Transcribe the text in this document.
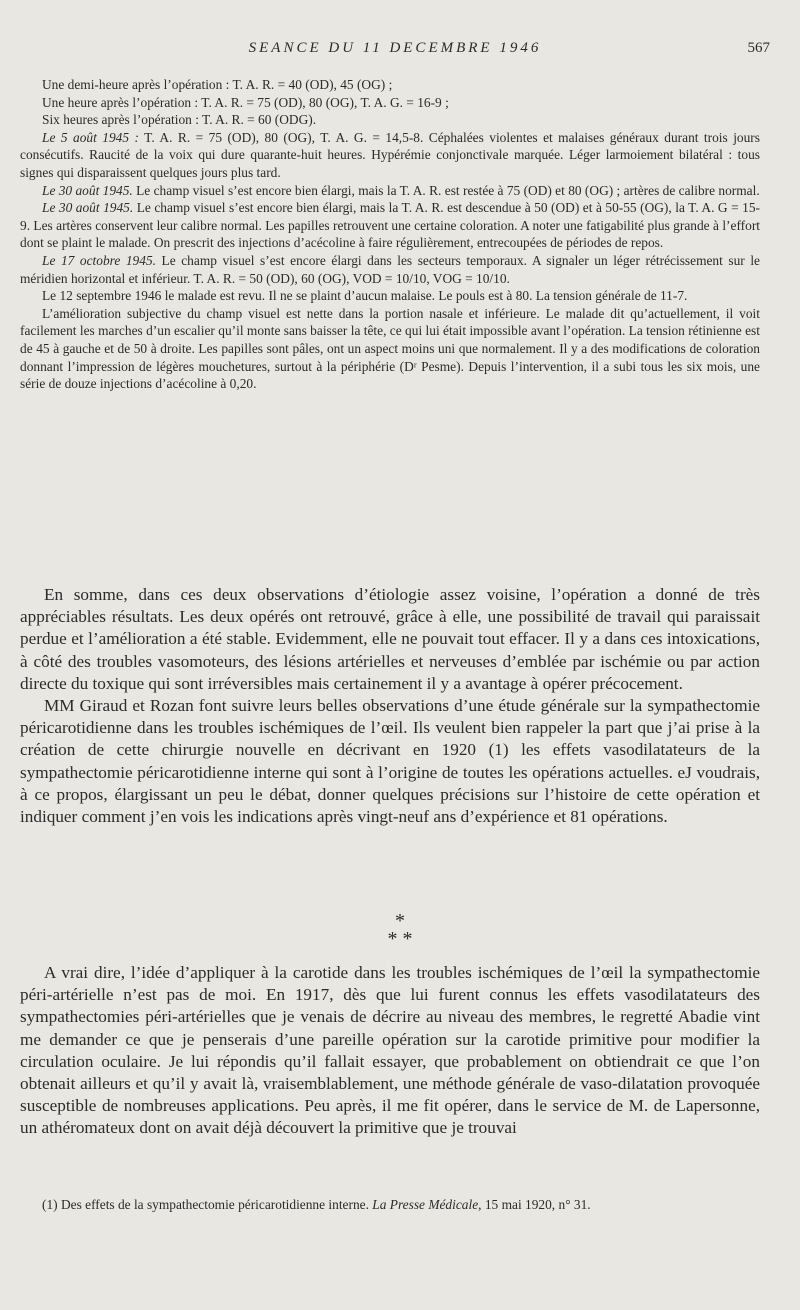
SEANCE DU 11 DECEMBRE 1946	567

Une demi-heure après l’opération : T. A. R. = 40 (OD), 45 (OG) ;

Une heure après l’opération : T. A. R. = 75 (OD), 80 (OG), T. A. G. = 16-9 ;

Six heures après l’opération : T. A. R. = 60 (ODG).

Le 5 août 1945 : T. A. R. = 75 (OD), 80 (OG), T. A. G. = 14,5-8. Céphalées violentes et malaises généraux durant trois jours consécutifs. Raucité de la voix qui dure quarante-huit heures. Hypérémie conjonctivale marquée. Léger larmoiement bilatéral : tous signes qui disparaissent quelques jours plus tard.

Le 30 août 1945. Le champ visuel s’est encore bien élargi, mais la T. A. R. est restée à 75 (OD) et 80 (OG) ; artères de calibre normal.

Le 30 août 1945. Le champ visuel s’est encore bien élargi, mais la T. A. R. est descendue à 50 (OD) et à 50-55 (OG), la T. A. G = 15-9. Les artères conservent leur calibre normal. Les papilles retrouvent une certaine coloration. A noter une fatigabilité plus grande à l’effort dont se plaint le malade. On prescrit des injections d’acécoline à faire régulièrement, entrecoupées de périodes de repos.

Le 17 octobre 1945. Le champ visuel s’est encore élargi dans les secteurs temporaux. A signaler un léger rétrécissement sur le méridien horizontal et inférieur. T. A. R. = 50 (OD), 60 (OG), VOD = 10/10, VOG = 10/10.

Le 12 septembre 1946 le malade est revu. Il ne se plaint d’aucun malaise. Le pouls est à 80. La tension générale de 11-7.

L’amélioration subjective du champ visuel est nette dans la portion nasale et inférieure. Le malade dit qu’actuellement, il voit facilement les marches d’un escalier qu’il monte sans baisser la tête, ce qui lui était impossible avant l’opération. La tension rétinienne est de 45 à gauche et de 50 à droite. Les papilles sont pâles, ont un aspect moins uni que normalement. Il y a des modifications de coloration donnant l’impression de légères mouchetures, surtout à la périphérie (Dʳ Pesme). Depuis l’intervention, il a subi tous les six mois, une série de douze injections d’acécoline à 0,20.

En somme, dans ces deux observations d’étiologie assez voisine, l’opération a donné de très appréciables résultats. Les deux opérés ont retrouvé, grâce à elle, une possibilité de travail qui paraissait perdue et l’amélioration a été stable. Evidemment, elle ne pouvait tout effacer. Il y a dans ces intoxications, à côté des troubles vasomoteurs, des lésions artérielles et nerveuses d’emblée par ischémie ou par action directe du toxique qui sont irréversibles mais certainement il y a avantage à opérer précocement.

MM Giraud et Rozan font suivre leurs belles observations d’une étude générale sur la sympathectomie péricarotidienne dans les troubles ischémiques de l’œil. Ils veulent bien rappeler la part que j’ai prise à la création de cette chirurgie nouvelle en décrivant en 1920 (1) les effets vasodilatateurs de la sympathectomie péricarotidienne interne qui sont à l’origine de toutes les opérations actuelles. eJ voudrais, à ce propos, élargissant un peu le débat, donner quelques précisions sur l’histoire de cette opération et indiquer comment j’en vois les indications après vingt-neuf ans d’expérience et 81 opérations.

*
* *

A vrai dire, l’idée d’appliquer à la carotide dans les troubles ischémiques de l’œil la sympathectomie péri-artérielle n’est pas de moi. En 1917, dès que lui furent connus les effets vasodilatateurs des sympathectomies péri-artérielles que je venais de décrire au niveau des membres, le regretté Abadie vint me demander ce que je penserais d’une pareille opération sur la carotide primitive pour modifier la circulation oculaire. Je lui répondis qu’il fallait essayer, que probablement on obtiendrait ce que l’on obtenait ailleurs et qu’il y avait là, vraisemblablement, une méthode générale de vaso-dilatation provoquée susceptible de nombreuses applications. Peu après, il me fit opérer, dans le service de M. de Lapersonne, un athéromateux dont on avait déjà découvert la primitive que je trouvai

(1) Des effets de la sympathectomie péricarotidienne interne. La Presse Médicale, 15 mai 1920, n° 31.
